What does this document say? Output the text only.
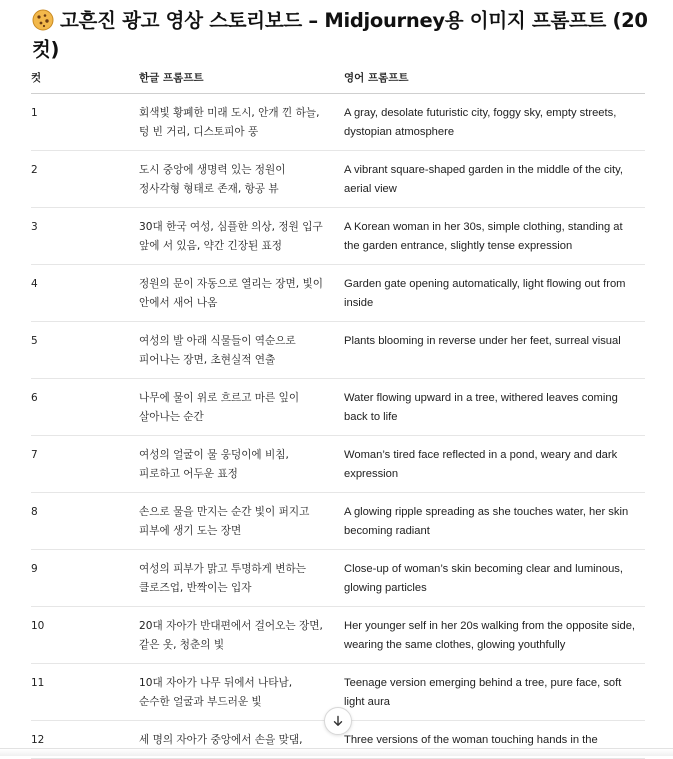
고흔진 광고 영상 스토리보드 – Midjourney용 이미지 프롬프트 (20컷)
컷	한글 프롬프트	영어 프롬프트
1	회색빛 황폐한 미래 도시, 안개 낀 하늘, 텅 빈 거리, 디스토피아 풍	A gray, desolate futuristic city, foggy sky, empty streets, dystopian atmosphere
2	도시 중앙에 생명력 있는 정원이 정사각형 형태로 존재, 항공 뷰	A vibrant square-shaped garden in the middle of the city, aerial view
3	30대 한국 여성, 심플한 의상, 정원 입구 앞에 서 있음, 약간 긴장된 표정	A Korean woman in her 30s, simple clothing, standing at the garden entrance, slightly tense expression
4	정원의 문이 자동으로 열리는 장면, 빛이 안에서 새어 나옴	Garden gate opening automatically, light flowing out from inside
5	여성의 발 아래 식물들이 역순으로 피어나는 장면, 초현실적 연출	Plants blooming in reverse under her feet, surreal visual
6	나무에 물이 위로 흐르고 마른 잎이 살아나는 순간	Water flowing upward in a tree, withered leaves coming back to life
7	여성의 얼굴이 물 웅덩이에 비침, 피로하고 어두운 표정	Woman’s tired face reflected in a pond, weary and dark expression
8	손으로 물을 만지는 순간 빛이 퍼지고 피부에 생기 도는 장면	A glowing ripple spreading as she touches water, her skin becoming radiant
9	여성의 피부가 맑고 투명하게 변하는 클로즈업, 반짝이는 입자	Close-up of woman’s skin becoming clear and luminous, glowing particles
10	20대 자아가 반대편에서 걸어오는 장면, 같은 옷, 청춘의 빛	Her younger self in her 20s walking from the opposite side, wearing the same clothes, glowing youthfully
11	10대 자아가 나무 뒤에서 나타남, 순수한 얼굴과 부드러운 빛	Teenage version emerging behind a tree, pure face, soft light aura
12	세 명의 자아가 중앙에서 손을 맞댐,	Three versions of the woman touching hands in the
